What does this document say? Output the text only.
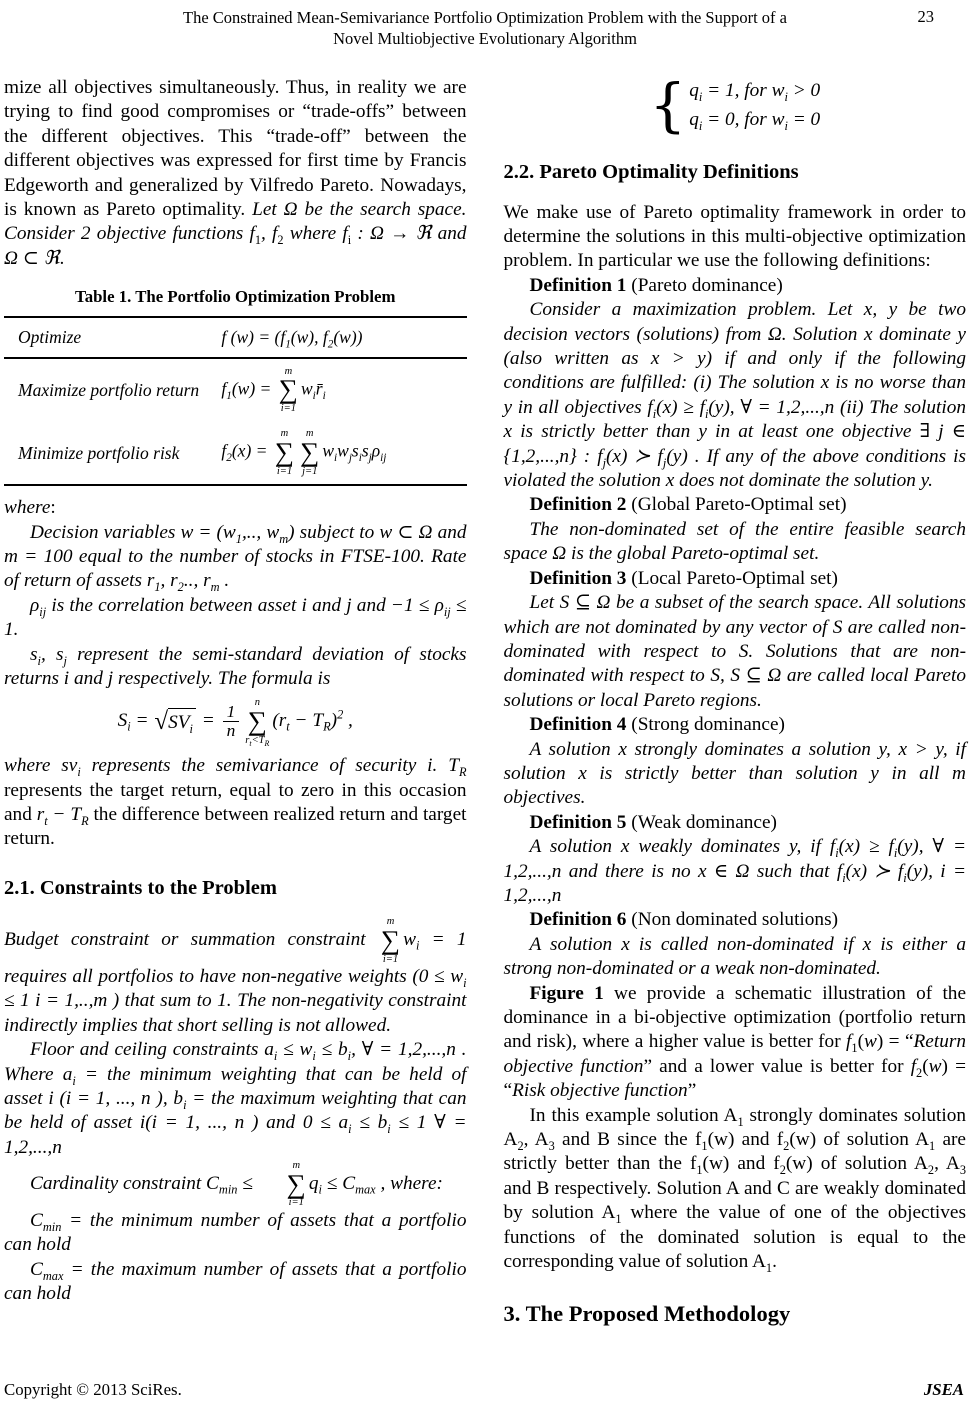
The Constrained Mean-Semivariance Portfolio Optimization Problem with the Support of a
Novel Multiobjective Evolutionary Algorithm
23

mize all objectives simultaneously. Thus, in reality we are trying to find good compromises or “trade-offs” between the different objectives. This “trade-off” between the different objectives was expressed for first time by Francis Edgeworth and generalized by Vilfredo Pareto. Nowadays, is known as Pareto optimality. Let Ω be the search space. Consider 2 objective functions $f_1$, $f_2$ where $f_i$ : Ω → ℜ and Ω ⊂ ℜ.

Table 1. The Portfolio Optimization Problem
Optimize	f $(w) = (f_1(w)$, $f_2(w)$)
Maximize portfolio return	$f_1(w)$ =
m
∑
i=1
$w_ir̄_i$
Minimize portfolio risk	$f_2(x)$ =
m
∑
i=1
m
∑
j=1
$w_iw_js_is_j\rho_{ij}$

where:

Decision variables $w = (w_1$,.., $w_m$) subject to w ⊂ Ω and m = 100 equal to the number of stocks in FTSE-100. Rate of return of assets $r_1$, $r_2$.., $r_m$ .

$\rho_{ij}$ is the correlation between asset i and j and $-1 \le \rho_{ij} \le 1$.

$s_i$, $s_j$ represent the semi-standard deviation of stocks returns i and j respectively. The formula is

$S_i$ = √ $SV_i = \frac{1}{n}$
n
∑
$r_t<T_R$
$(r_t - T_R)^2$ ,

where $sv_i$ represents the semivariance of security i. $T_R$ represents the target return, equal to zero in this occasion and $r_t - T_R$ the difference between realized return and target return.

2.1. Constraints to the Problem

Budget constraint or summation constraint
m
∑
i=1
$w_i = 1$ requires all portfolios to have non-negative weights ($0 \le w_i \le 1$ i = 1,..,m ) that sum to 1. The non-negativity constraint indirectly implies that short selling is not allowed.

Floor and ceiling constraints $a_i \le w_i \le b_i$, ∀ = 1,2,...,n . Where $a_i$ = the minimum weighting that can be held of asset i (i = 1, ..., n ), $b_i$ = the maximum weighting that can be held of asset i(i = 1, ..., n ) and $0 \le a_i \le b_i \le 1$ ∀ = 1,2,...,n

Cardinality constraint $C_{min}$ ≤
m
∑
i=1
$q_i \le C_{max}$ , where:

$C_{min}$ = the minimum number of assets that a portfolio can hold

$C_{max}$ = the maximum number of assets that a portfolio can hold

{ $q_i = 1$, for $w_i > 0$
$q_i = 0$, for $w_i = 0$
2.2. Pareto Optimality Definitions

We make use of Pareto optimality framework in order to determine the solutions in this multi-objective optimization problem. In particular we use the following definitions:

Definition 1 (Pareto dominance)

Consider a maximization problem. Let x, y be two decision vectors (solutions) from Ω. Solution x dominate y (also written as x > y) if and only if the following conditions are fulfilled: (i) The solution x is no worse than y in all objectives $f_i(x) \ge f_i(y)$, ∀ = 1,2,...,n (ii) The solution x is strictly better than y in at least one objective ∃ j ∈ {1,2,...,n} : $f_j(x)$ ≻ $f_j(y)$ . If any of the above conditions is violated the solution x does not dominate the solution y.

Definition 2 (Global Pareto-Optimal set)

The non-dominated set of the entire feasible search space Ω is the global Pareto-optimal set.

Definition 3 (Local Pareto-Optimal set)

Let S ⊆ Ω be a subset of the search space. All solutions which are not dominated by any vector of S are called non-dominated with respect to S. Solutions that are non-dominated with respect to S, S ⊆ Ω are called local Pareto solutions or local Pareto regions.

Definition 4 (Strong dominance)

A solution x strongly dominates a solution y, x > y, if solution x is strictly better than solution y in all m objectives.

Definition 5 (Weak dominance)

A solution x weakly dominates y, if $f_i(x) \ge f_i(y)$, ∀ = 1,2,...,n and there is no x ∈ Ω such that $f_i(x)$ ≻ $f_i(y)$, i = 1,2,...,n

Definition 6 (Non dominated solutions)

A solution x is called non-dominated if x is either a strong non-dominated or a weak non-dominated.

Figure 1 we provide a schematic illustration of the dominance in a bi-objective optimization (portfolio return and risk), where a higher value is better for $f_1(w)$ = “Return objective function” and a lower value is better for $f_2(w)$ = “Risk objective function”

In this example solution $A_1$ strongly dominates solution $A_2$, $A_3$ and B since the $f_1(w)$ and $f_2(w)$ of solution $A_1$ are strictly better than the $f_1(w)$ and $f_2(w)$ of solution $A_2$, $A_3$ and B respectively. Solution A and C are weakly dominated by solution $A_1$ where the value of one of the objectives functions of the dominated solution is equal to the corresponding value of solution $A_1$.

3. The Proposed Methodology
Copyright © 2013 SciRes.	JSEA
